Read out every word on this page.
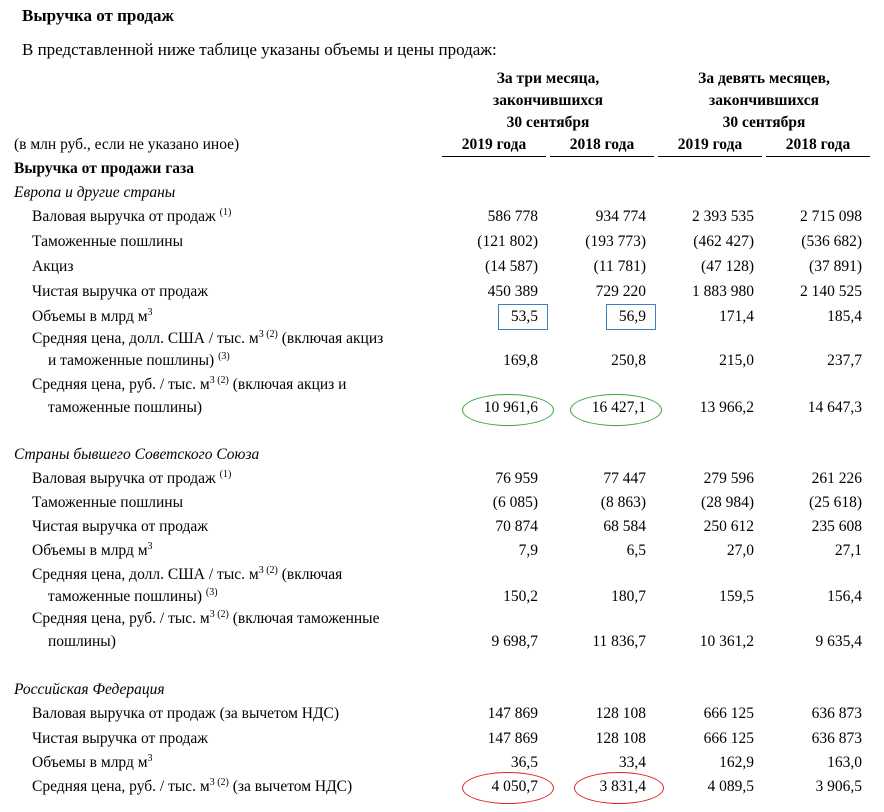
Выручка от продаж
В представленной ниже таблице указаны объемы и цены продаж:
За три месяца,
закончившихся
30 сентября
За девять месяцев,
закончившихся
30 сентября
(в млн руб., если не указано иное)	2019 года	2018 года	2019 года	2018 года
Выручка от продажи газа
Европа и другие страны
Валовая выручка от продаж $^{(1)}$	586 778	934 774	2 393 535	2 715 098
Таможенные пошлины	(121 802)	(193 773)	(462 427)	(536 682)
Акциз	(14 587)	(11 781)	(47 128)	(37 891)
Чистая выручка от продаж	450 389	729 220	1 883 980	2 140 525
Объемы в млрд $м^3$	53,5	56,9	171,4	185,4
Средняя цена, долл. США / тыс. $м^{3 (2)}$ (включая акциз
и таможенные пошлины) $^{(3)}$	169,8	250,8	215,0	237,7
Средняя цена, руб. / тыс. $м^{3 (2)}$ (включая акциз и
таможенные пошлины)	10 961,6	16 427,1	13 966,2	14 647,3
Страны бывшего Советского Союза
Валовая выручка от продаж $^{(1)}$	76 959	77 447	279 596	261 226
Таможенные пошлины	(6 085)	(8 863)	(28 984)	(25 618)
Чистая выручка от продаж	70 874	68 584	250 612	235 608
Объемы в млрд $м^3$	7,9	6,5	27,0	27,1
Средняя цена, долл. США / тыс. $м^{3 (2)}$ (включая
таможенные пошлины) $^{(3)}$	150,2	180,7	159,5	156,4
Средняя цена, руб. / тыс. $м^{3 (2)}$ (включая таможенные
пошлины)	9 698,7	11 836,7	10 361,2	9 635,4
Российская Федерация
Валовая выручка от продаж (за вычетом НДС)	147 869	128 108	666 125	636 873
Чистая выручка от продаж	147 869	128 108	666 125	636 873
Объемы в млрд $м^3$	36,5	33,4	162,9	163,0
Средняя цена, руб. / тыс. $м^{3 (2)}$ (за вычетом НДС)	4 050,7	3 831,4	4 089,5	3 906,5
